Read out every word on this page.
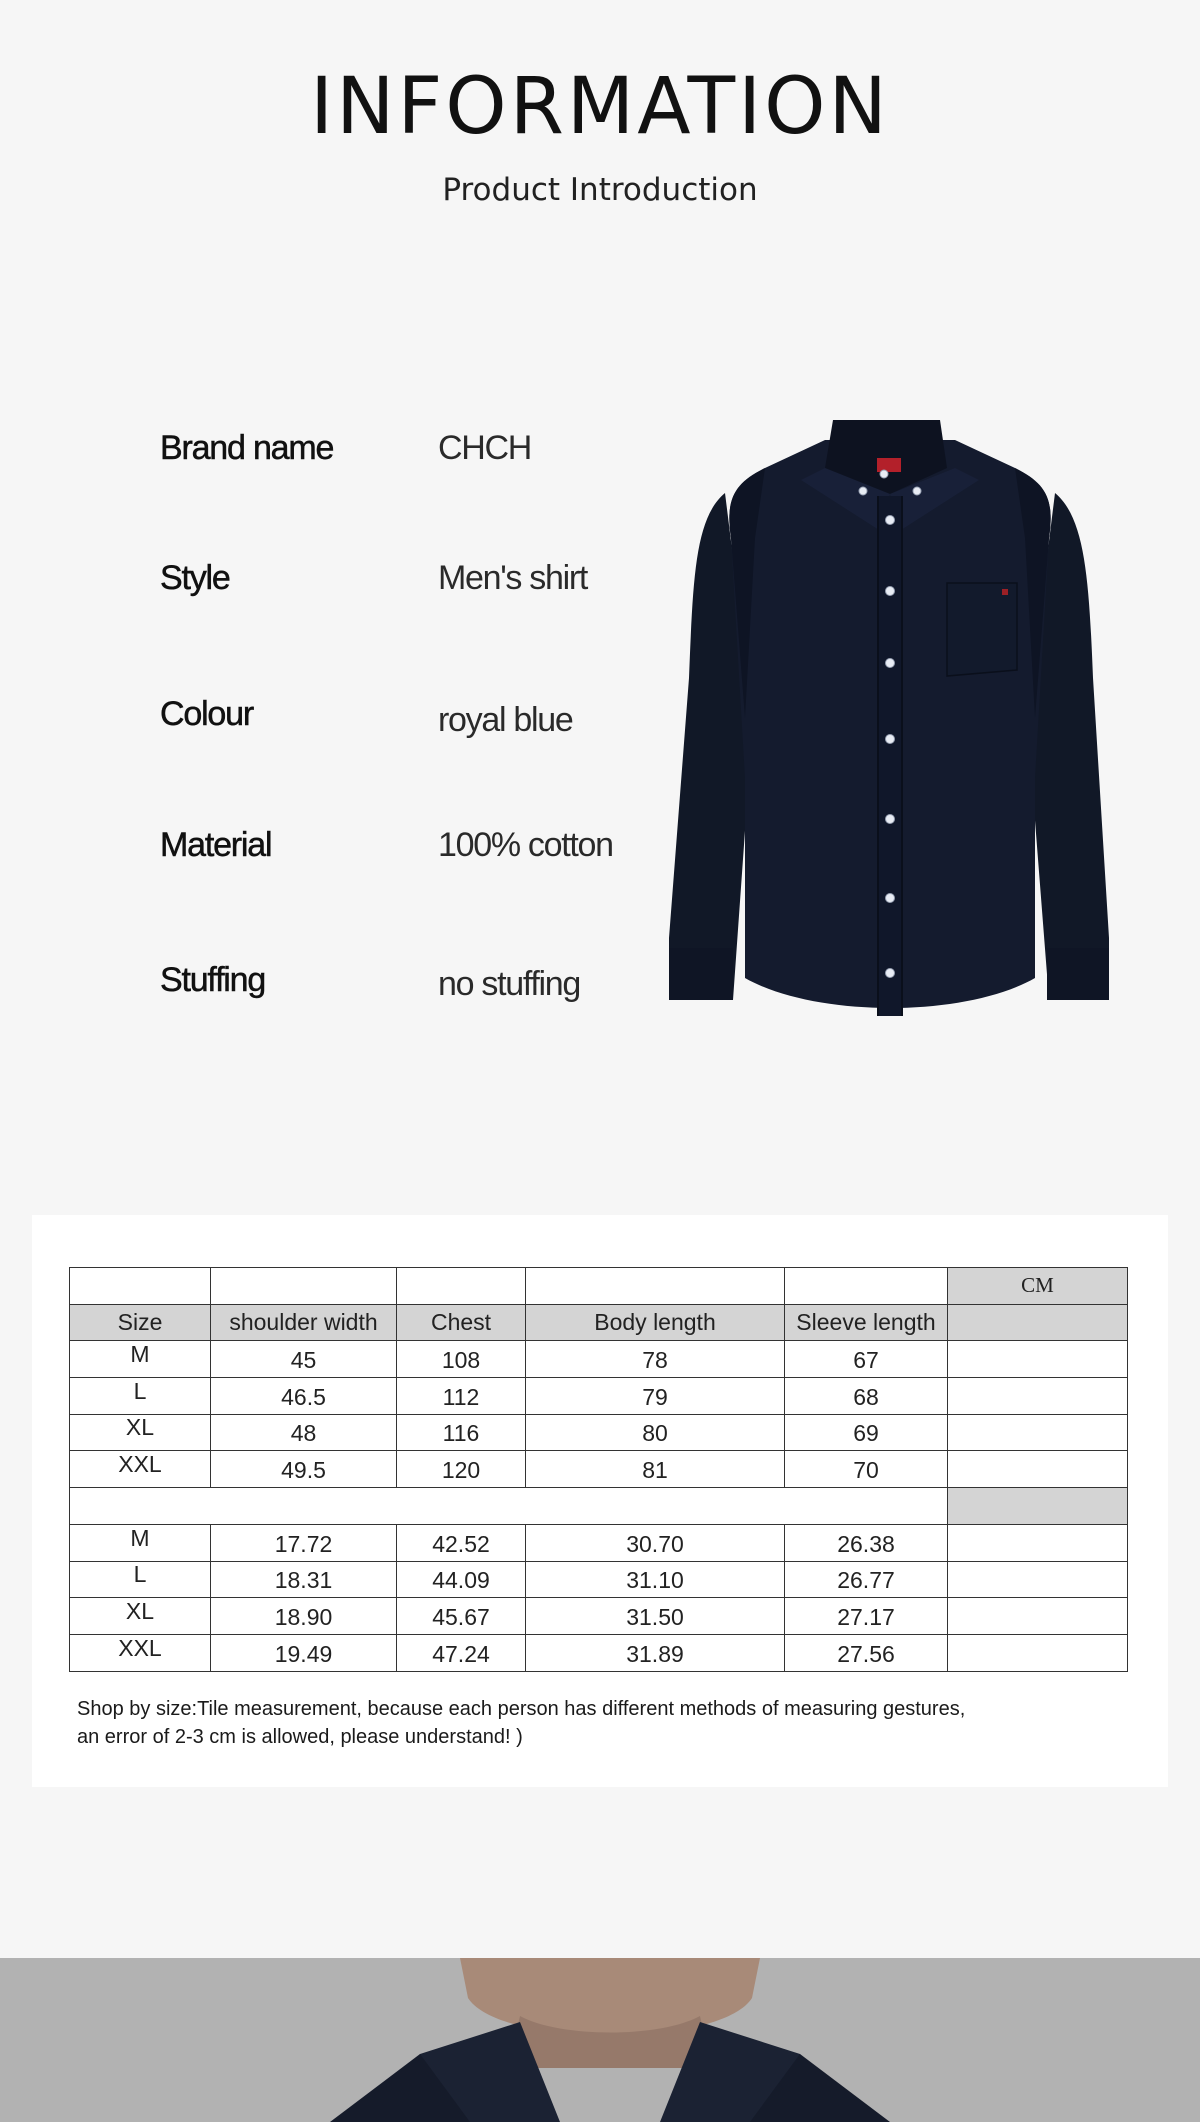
INFORMATION
Product Introduction
Brand name	CHCH
Style	Men's shirt
Colour	royal blue
Material	100% cotton
Stuffing	no stuffing
					CM
Size	shoulder width	Chest	Body length	Sleeve length	
M	45	108	78	67	
L	46.5	112	79	68	
XL	48	116	80	69	
XXL	49.5	120	81	70	

M	17.72	42.52	30.70	26.38	
L	18.31	44.09	31.10	26.77	
XL	18.90	45.67	31.50	27.17	
XXL	19.49	47.24	31.89	27.56	
Shop by size:Tile measurement, because each person has different methods of measuring gestures,
an error of 2-3 cm is allowed, please understand! )
